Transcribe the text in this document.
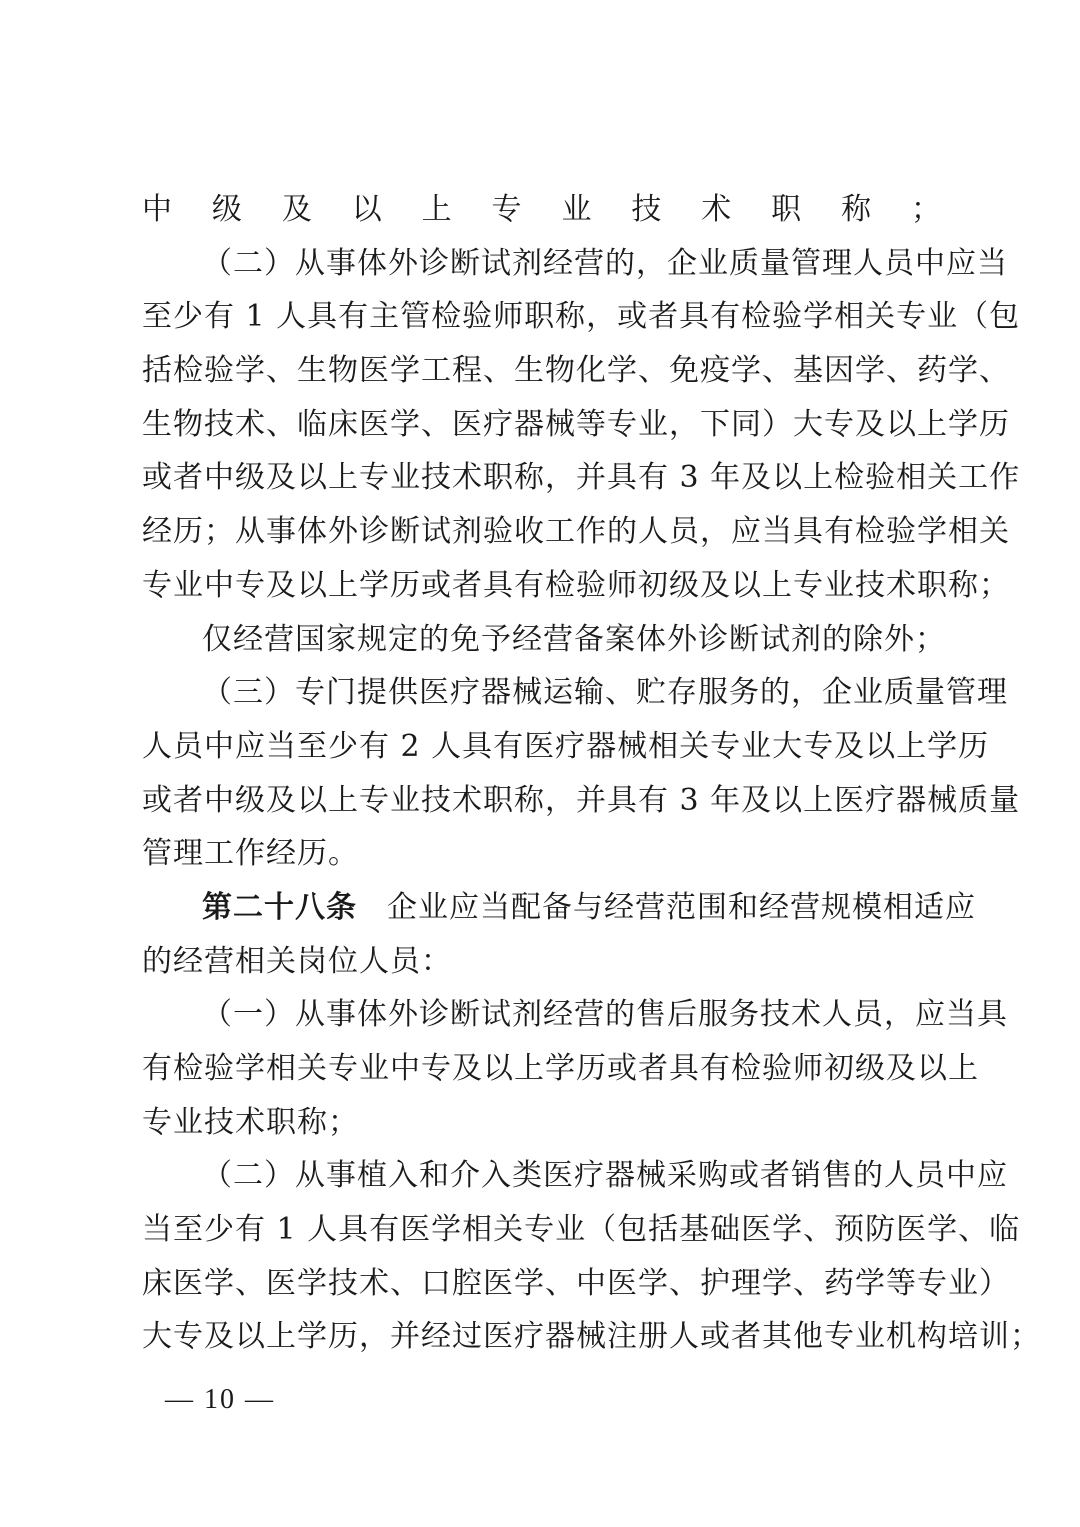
中级及以上专业技术职称；
（二）从事体外诊断试剂经营的，企业质量管理人员中应当
至少有 1 人具有主管检验师职称，或者具有检验学相关专业（包
括检验学、生物医学工程、生物化学、免疫学、基因学、药学、
生物技术、临床医学、医疗器械等专业，下同）大专及以上学历
或者中级及以上专业技术职称，并具有 3 年及以上检验相关工作
经历；从事体外诊断试剂验收工作的人员，应当具有检验学相关
专业中专及以上学历或者具有检验师初级及以上专业技术职称；
仅经营国家规定的免予经营备案体外诊断试剂的除外；
（三）专门提供医疗器械运输、贮存服务的，企业质量管理
人员中应当至少有 2 人具有医疗器械相关专业大专及以上学历
或者中级及以上专业技术职称，并具有 3 年及以上医疗器械质量
管理工作经历。
第二十八条 企业应当配备与经营范围和经营规模相适应
的经营相关岗位人员：
（一）从事体外诊断试剂经营的售后服务技术人员，应当具
有检验学相关专业中专及以上学历或者具有检验师初级及以上
专业技术职称；
（二）从事植入和介入类医疗器械采购或者销售的人员中应
当至少有 1 人具有医学相关专业（包括基础医学、预防医学、临
床医学、医学技术、口腔医学、中医学、护理学、药学等专业）
大专及以上学历，并经过医疗器械注册人或者其他专业机构培训；
— 10 —
